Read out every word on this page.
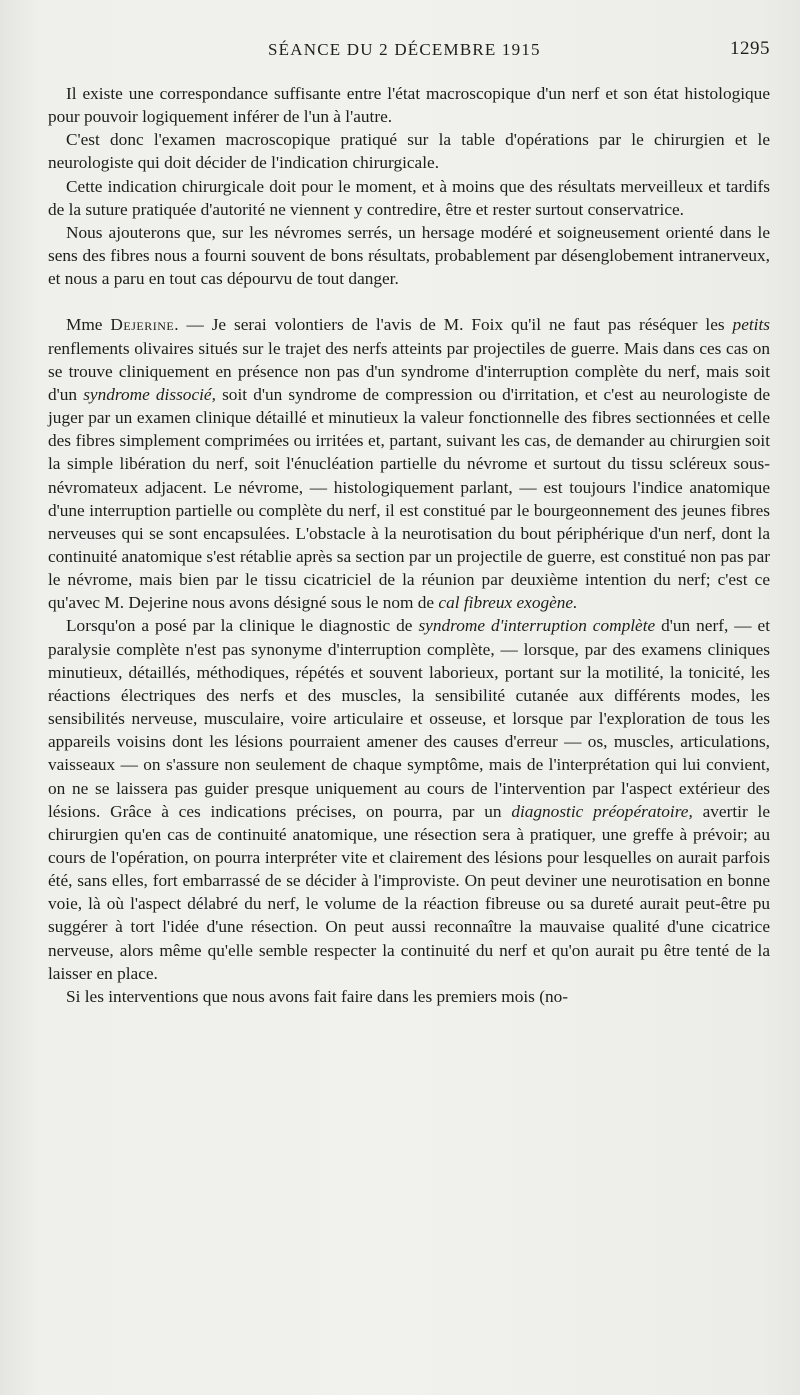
SÉANCE DU 2 DÉCEMBRE 1915	1295

Il existe une correspondance suffisante entre l'état macroscopique d'un nerf et son état histologique pour pouvoir logiquement inférer de l'un à l'autre.

C'est donc l'examen macroscopique pratiqué sur la table d'opérations par le chirurgien et le neurologiste qui doit décider de l'indication chirurgicale.

Cette indication chirurgicale doit pour le moment, et à moins que des résultats merveilleux et tardifs de la suture pratiquée d'autorité ne viennent y contredire, être et rester surtout conservatrice.

Nous ajouterons que, sur les névromes serrés, un hersage modéré et soigneusement orienté dans le sens des fibres nous a fourni souvent de bons résultats, probablement par désenglobement intranerveux, et nous a paru en tout cas dépourvu de tout danger.

Mme Dejerine. — Je serai volontiers de l'avis de M. Foix qu'il ne faut pas réséquer les petits renflements olivaires situés sur le trajet des nerfs atteints par projectiles de guerre. Mais dans ces cas on se trouve cliniquement en présence non pas d'un syndrome d'interruption complète du nerf, mais soit d'un syndrome dissocié, soit d'un syndrome de compression ou d'irritation, et c'est au neurologiste de juger par un examen clinique détaillé et minutieux la valeur fonctionnelle des fibres sectionnées et celle des fibres simplement comprimées ou irritées et, partant, suivant les cas, de demander au chirurgien soit la simple libération du nerf, soit l'énucléation partielle du névrome et surtout du tissu scléreux sous-névromateux adjacent. Le névrome, — histologiquement parlant, — est toujours l'indice anatomique d'une interruption partielle ou complète du nerf, il est constitué par le bourgeonnement des jeunes fibres nerveuses qui se sont encapsulées. L'obstacle à la neurotisation du bout périphérique d'un nerf, dont la continuité anatomique s'est rétablie après sa section par un projectile de guerre, est constitué non pas par le névrome, mais bien par le tissu cicatriciel de la réunion par deuxième intention du nerf; c'est ce qu'avec M. Dejerine nous avons désigné sous le nom de cal fibreux exogène.

Lorsqu'on a posé par la clinique le diagnostic de syndrome d'interruption complète d'un nerf, — et paralysie complète n'est pas synonyme d'interruption complète, — lorsque, par des examens cliniques minutieux, détaillés, méthodiques, répétés et souvent laborieux, portant sur la motilité, la tonicité, les réactions électriques des nerfs et des muscles, la sensibilité cutanée aux différents modes, les sensibilités nerveuse, musculaire, voire articulaire et osseuse, et lorsque par l'exploration de tous les appareils voisins dont les lésions pourraient amener des causes d'erreur — os, muscles, articulations, vaisseaux — on s'assure non seulement de chaque symptôme, mais de l'interprétation qui lui convient, on ne se laissera pas guider presque uniquement au cours de l'intervention par l'aspect extérieur des lésions. Grâce à ces indications précises, on pourra, par un diagnostic préopératoire, avertir le chirurgien qu'en cas de continuité anatomique, une résection sera à pratiquer, une greffe à prévoir; au cours de l'opération, on pourra interpréter vite et clairement des lésions pour lesquelles on aurait parfois été, sans elles, fort embarrassé de se décider à l'improviste. On peut deviner une neurotisation en bonne voie, là où l'aspect délabré du nerf, le volume de la réaction fibreuse ou sa dureté aurait peut-être pu suggérer à tort l'idée d'une résection. On peut aussi reconnaître la mauvaise qualité d'une cicatrice nerveuse, alors même qu'elle semble respecter la continuité du nerf et qu'on aurait pu être tenté de la laisser en place.

Si les interventions que nous avons fait faire dans les premiers mois (no-
